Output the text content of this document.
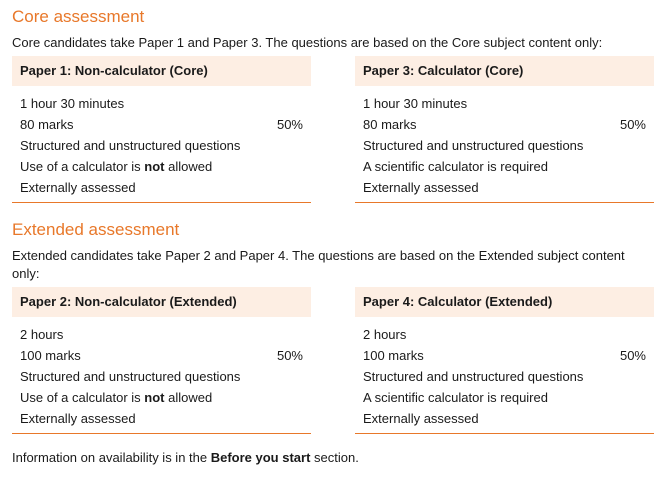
Core assessment

Core candidates take Paper 1 and Paper 3. The questions are based on the Core subject content only:

Paper 1: Non-calculator (Core)
1 hour 30 minutes
80 marks	50%
Structured and unstructured questions
Use of a calculator is not allowed
Externally assessed
Paper 3: Calculator (Core)
1 hour 30 minutes
80 marks	50%
Structured and unstructured questions
A scientific calculator is required
Externally assessed
Extended assessment

Extended candidates take Paper 2 and Paper 4. The questions are based on the Extended subject content only:

Paper 2: Non-calculator (Extended)
2 hours
100 marks	50%
Structured and unstructured questions
Use of a calculator is not allowed
Externally assessed
Paper 4: Calculator (Extended)
2 hours
100 marks	50%
Structured and unstructured questions
A scientific calculator is required
Externally assessed

Information on availability is in the Before you start section.
